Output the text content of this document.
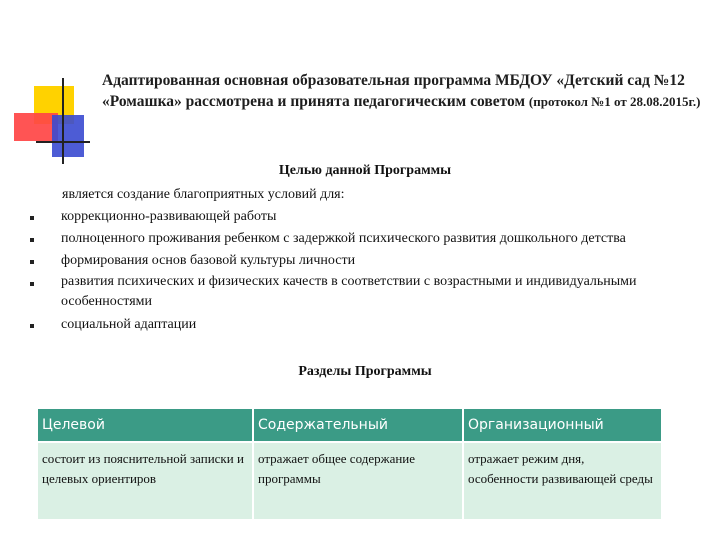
Адаптированная основная образовательная программа МБДОУ «Детский сад №12 «Ромашка» рассмотрена и принята педагогическим советом (протокол №1 от 28.08.2015г.)
Целью данной Программы
является создание благоприятных условий для:
коррекционно-развивающей работы
полноценного проживания ребенком с задержкой психического развития дошкольного детства
формирования основ базовой культуры личности
развития психических и физических качеств в соответствии с возрастными и индивидуальными особенностями
социальной адаптации
Разделы Программы
Целевой	Содержательный	Организационный
состоит из пояснительной записки и целевых ориентиров	отражает общее содержание программы	отражает режим дня, особенности развивающей среды
